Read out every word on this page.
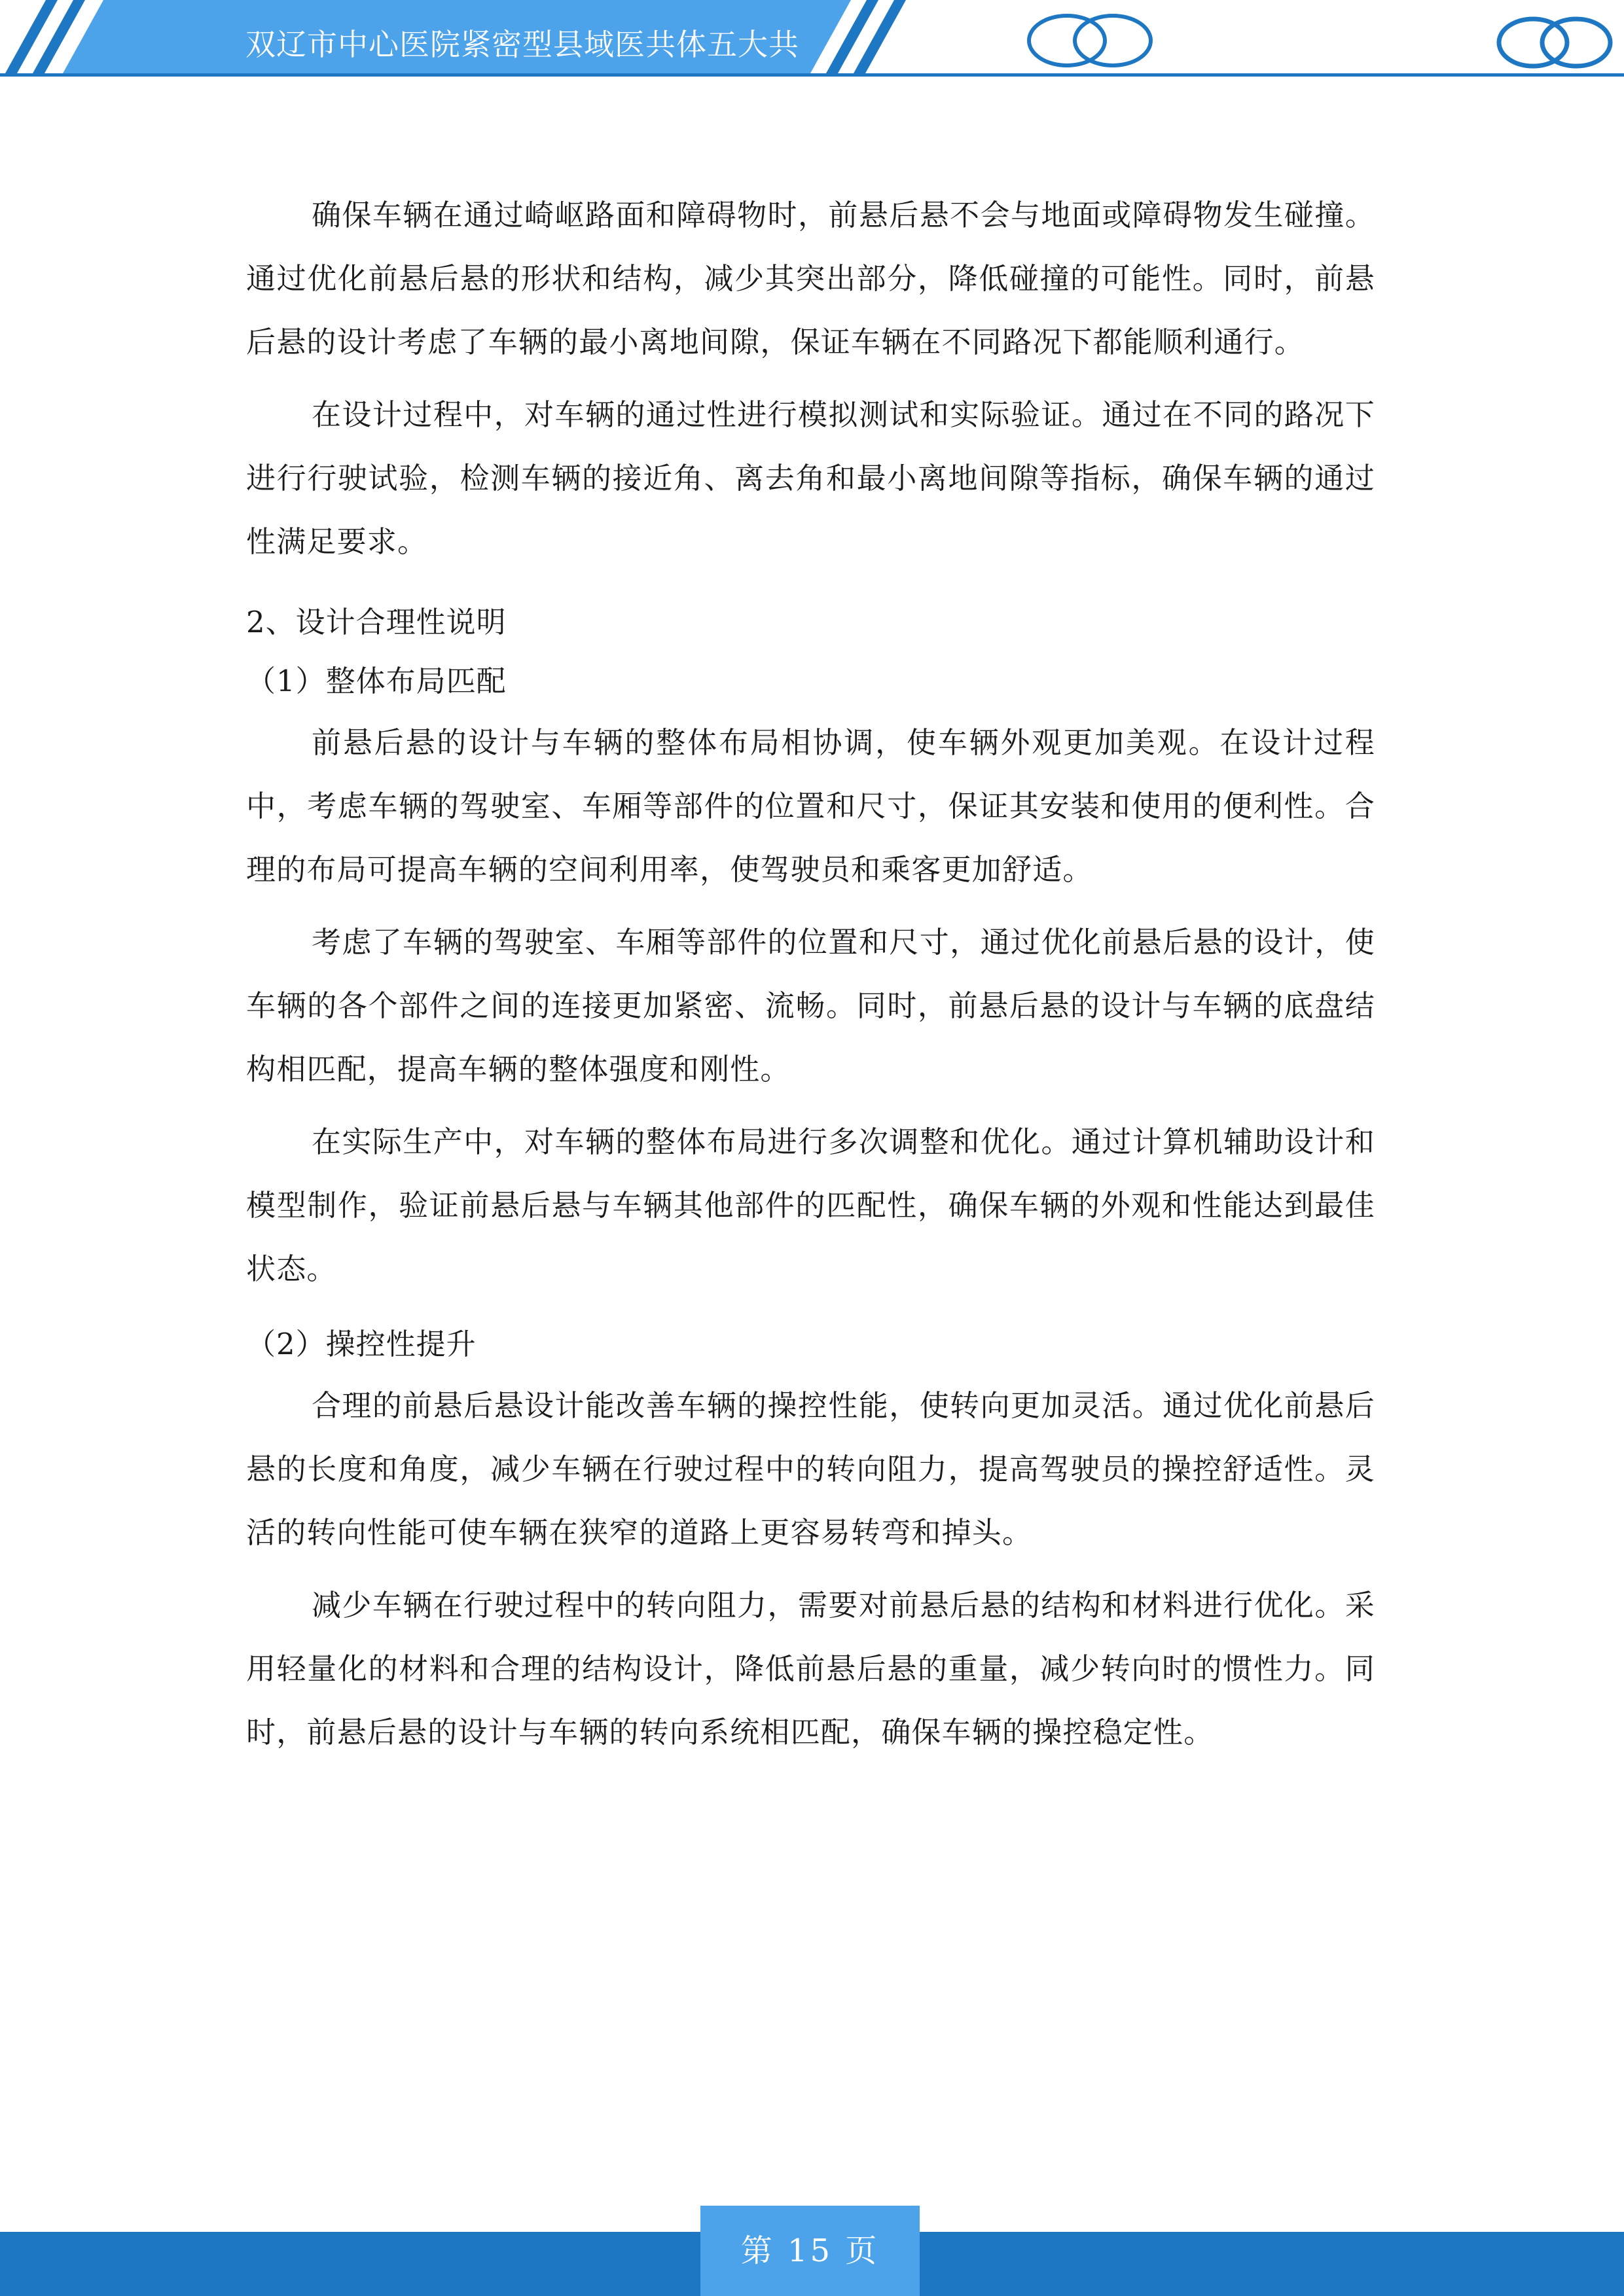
双辽市中心医院紧密型县域医共体五大共

确保车辆在通过崎岖路面和障碍物时，前悬后悬不会与地面或障碍物发生碰撞。通过优化前悬后悬的形状和结构，减少其突出部分，降低碰撞的可能性。同时，前悬后悬的设计考虑了车辆的最小离地间隙，保证车辆在不同路况下都能顺利通行。

在设计过程中，对车辆的通过性进行模拟测试和实际验证。通过在不同的路况下进行行驶试验，检测车辆的接近角、离去角和最小离地间隙等指标，确保车辆的通过性满足要求。

2、设计合理性说明

（1）整体布局匹配

前悬后悬的设计与车辆的整体布局相协调，使车辆外观更加美观。在设计过程中，考虑车辆的驾驶室、车厢等部件的位置和尺寸，保证其安装和使用的便利性。合理的布局可提高车辆的空间利用率，使驾驶员和乘客更加舒适。

考虑了车辆的驾驶室、车厢等部件的位置和尺寸，通过优化前悬后悬的设计，使车辆的各个部件之间的连接更加紧密、流畅。同时，前悬后悬的设计与车辆的底盘结构相匹配，提高车辆的整体强度和刚性。

在实际生产中，对车辆的整体布局进行多次调整和优化。通过计算机辅助设计和模型制作，验证前悬后悬与车辆其他部件的匹配性，确保车辆的外观和性能达到最佳状态。

（2）操控性提升

合理的前悬后悬设计能改善车辆的操控性能，使转向更加灵活。通过优化前悬后悬的长度和角度，减少车辆在行驶过程中的转向阻力，提高驾驶员的操控舒适性。灵活的转向性能可使车辆在狭窄的道路上更容易转弯和掉头。

减少车辆在行驶过程中的转向阻力，需要对前悬后悬的结构和材料进行优化。采用轻量化的材料和合理的结构设计，降低前悬后悬的重量，减少转向时的惯性力。同时，前悬后悬的设计与车辆的转向系统相匹配，确保车辆的操控稳定性。

第 15 页
